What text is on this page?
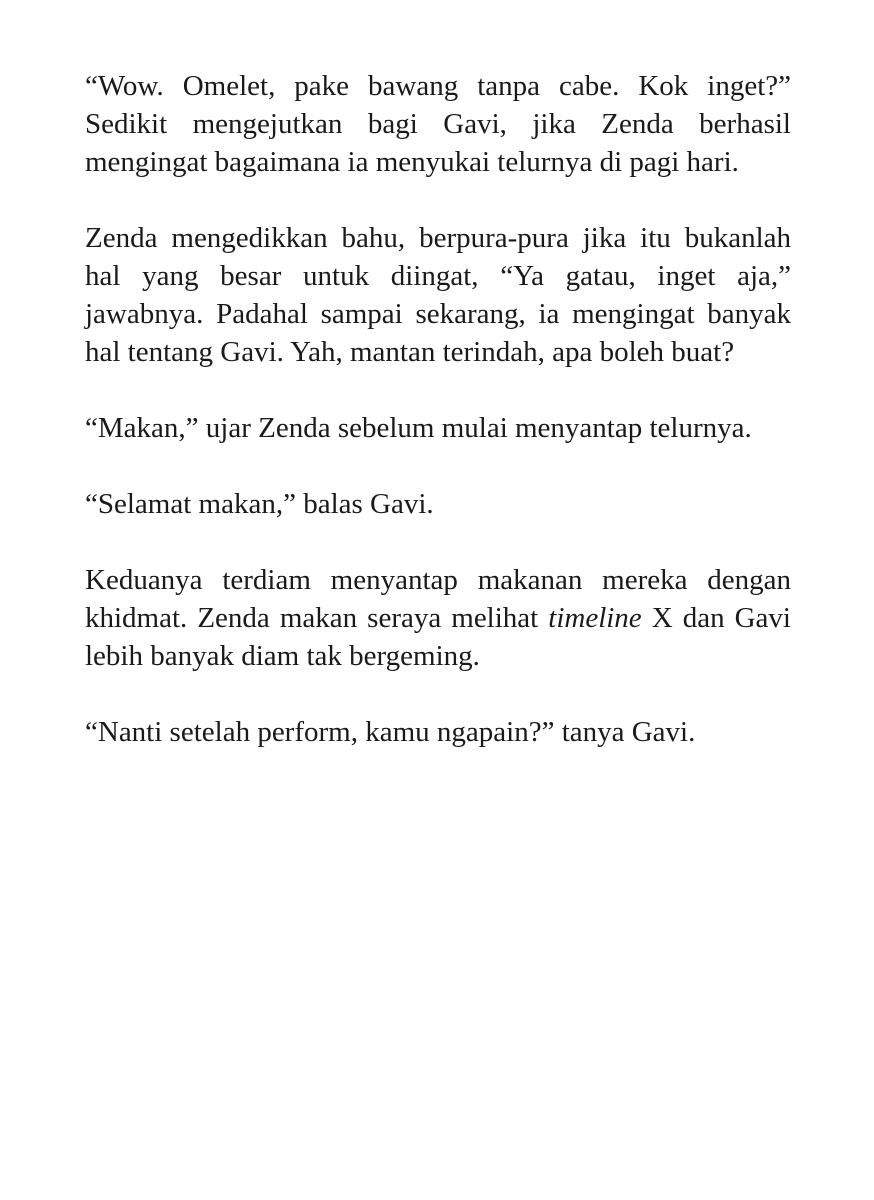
“Wow. Omelet, pake bawang tanpa cabe. Kok inget?” Sedikit mengejutkan bagi Gavi, jika Zenda berhasil mengingat bagaimana ia menyukai telurnya di pagi hari.

Zenda mengedikkan bahu, berpura-pura jika itu bukanlah hal yang besar untuk diingat, “Ya gatau, inget aja,” jawabnya. Padahal sampai sekarang, ia mengingat banyak hal tentang Gavi. Yah, mantan terindah, apa boleh buat?

“Makan,” ujar Zenda sebelum mulai menyantap telurnya.

“Selamat makan,” balas Gavi.

Keduanya terdiam menyantap makanan mereka dengan khidmat. Zenda makan seraya melihat timeline X dan Gavi lebih banyak diam tak bergeming.

“Nanti setelah perform, kamu ngapain?” tanya Gavi.
